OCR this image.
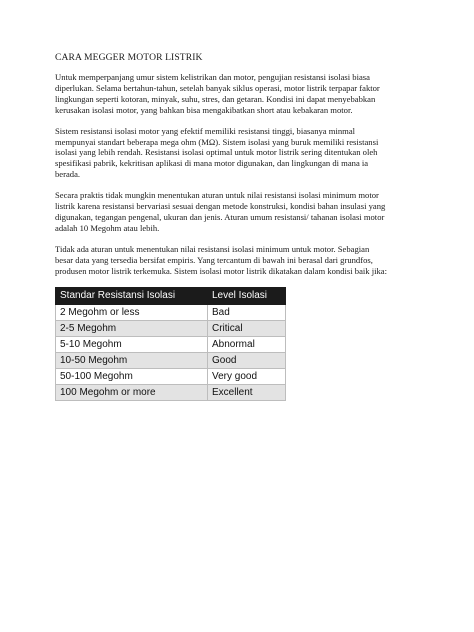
CARA MEGGER MOTOR LISTRIK
Untuk memperpanjang umur sistem kelistrikan dan motor, pengujian resistansi isolasi biasa
diperlukan. Selama bertahun-tahun, setelah banyak siklus operasi, motor listrik terpapar faktor
lingkungan seperti kotoran, minyak, suhu, stres, dan getaran. Kondisi ini dapat menyebabkan
kerusakan isolasi motor, yang bahkan bisa mengakibatkan short atau kebakaran motor.
Sistem resistansi isolasi motor yang efektif memiliki resistansi tinggi, biasanya minmal
mempunyai standart beberapa mega ohm (MΩ). Sistem isolasi yang buruk memiliki resistansi
isolasi yang lebih rendah. Resistansi isolasi optimal untuk motor listrik sering ditentukan oleh
spesifikasi pabrik, kekritisan aplikasi di mana motor digunakan, dan lingkungan di mana ia
berada.
Secara praktis tidak mungkin menentukan aturan untuk nilai resistansi isolasi minimum motor
listrik karena resistansi bervariasi sesuai dengan metode konstruksi, kondisi bahan insulasi yang
digunakan, tegangan pengenal, ukuran dan jenis. Aturan umum resistansi/ tahanan isolasi motor
adalah 10 Megohm atau lebih.
Tidak ada aturan untuk menentukan nilai resistansi isolasi minimum untuk motor. Sebagian
besar data yang tersedia bersifat empiris. Yang tercantum di bawah ini berasal dari grundfos,
produsen motor listrik terkemuka. Sistem isolasi motor listrik dikatakan dalam kondisi baik jika:
Standar Resistansi Isolasi	Level Isolasi
2 Megohm or less	Bad
2-5 Megohm	Critical
5-10 Megohm	Abnormal
10-50 Megohm	Good
50-100 Megohm	Very good
100 Megohm or more	Excellent
